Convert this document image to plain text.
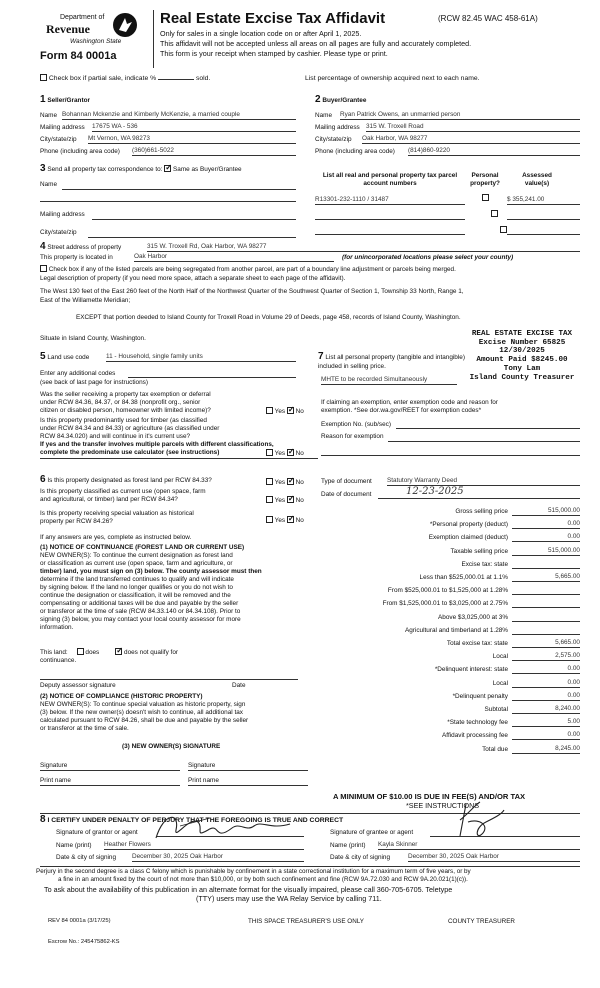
Department of
Revenue
Washington State
Form 84 0001a
Real Estate Excise Tax Affidavit	(RCW 82.45 WAC 458-61A)
Only for sales in a single location code on or after April 1, 2025.
This affidavit will not be accepted unless all areas on all pages are fully and accurately completed.
This form is your receipt when stamped by cashier. Please type or print.
Check box if partial sale, indicate %	sold.	List percentage of ownership acquired next to each name.
1 Seller/Grantor
Name Bohannan Mckenzie and Kimberly McKenzie, a married couple
Mailing address 17675 WA - 536
City/state/zip Mt Vernon, WA 98273
Phone (including area code) (360)661-5022
2 Buyer/Grantee
Name Ryan Patrick Owens, an unmarried person
Mailing address 315 W. Troxell Road
City/state/zip Oak Harbor, WA 98277
Phone (including area code) (814)860-9220
3 Send all property tax correspondence to: ✓ Same as Buyer/Grantee
Name
Mailing address
City/state/zip
List all real and personal property tax parcel account numbers
Personal property?
Assessed value(s)
R13301-232-1110 / 31487
	$ 355,241.00

4 Street address of property	315 W. Troxell Rd, Oak Harbor, WA 98277
This property is located in	Oak Harbor	(for unincorporated locations please select your county)
Check box if any of the listed parcels are being segregated from another parcel, are part of a boundary line adjustment or parcels being merged.
Legal description of property (if you need more space, attach a separate sheet to each page of the affidavit).
The West 130 feet of the East 260 feet of the North Half of the Northwest Quarter of the Southwest Quarter of Section 1, Township 33 North, Range 1,
East of the Willamette Meridian;
EXCEPT that portion deeded to Island County for Troxell Road in Volume 29 of Deeds, page 458, records of Island County, Washington.
Situate in Island County, Washington.
REAL ESTATE EXCISE TAX
Excise Number 65825
12/30/2025
Amount Paid $8245.00
Tony Lam
Island County Treasurer
5 Land use code	11 - Household, single family units
Enter any additional codes
(see back of last page for instructions)
Was the seller receiving a property tax exemption or deferral
under RCW 84.36, 84.37, or 84.38 (nonprofit org., senior
citizen or disabled person, homeowner with limited income)?	Yes ✓ No
Is this property predominantly used for timber (as classified
under RCW 84.34 and 84.33) or agriculture (as classified under
RCW 84.34.020) and will continue in it's current use?
If yes and the transfer involves multiple parcels with different classifications,
complete the predominate use calculator (see instructions)	Yes ✓ No
7 List all personal property (tangible and intangible) included in selling price.
MHTE to be recorded Simultaneously
If claiming an exemption, enter exemption code and reason for
exemption. *See dor.wa.gov/REET for exemption codes*
Exemption No. (sub/sec)
Reason for exemption
6 Is this property designated as forest land per RCW 84.33?	Yes ✓ No
Is this property classified as current use (open space, farm
and agricultural, or timber) land per RCW 84.34?	Yes ✓ No
Is this property receiving special valuation as historical
property per RCW 84.26?	Yes ✓ No
If any answers are yes, complete as instructed below.
(1) NOTICE OF CONTINUANCE (FOREST LAND OR CURRENT USE)
NEW OWNER(S): To continue the current designation as forest land
or classification as current use (open space, farm and agriculture, or
timber) land, you must sign on (3) below. The county assessor must then
determine if the land transferred continues to qualify and will indicate
by signing below. If the land no longer qualifies or you do not wish to
continue the designation or classification, it will be removed and the
compensating or additional taxes will be due and payable by the seller
or transferor at the time of sale (RCW 84.33.140 or 84.34.108). Prior to
signing (3) below, you may contact your local county assessor for more
information.
This land:	does ✓	does not qualify for
continuance.
Deputy assessor signature	Date
(2) NOTICE OF COMPLIANCE (HISTORIC PROPERTY)
NEW OWNER(S): To continue special valuation as historic property, sign
(3) below. If the new owner(s) doesn't wish to continue, all additional tax
calculated pursuant to RCW 84.26, shall be due and payable by the seller
or transferor at the time of sale.
(3) NEW OWNER(S) SIGNATURE
Signature	Signature
Print name	Print name
Type of document Statutory Warranty Deed
Date of document	12-23-2025
Gross selling price	515,000.00
*Personal property (deduct)	0.00
Exemption claimed (deduct)	0.00
Taxable selling price	515,000.00
Excise tax: state
Less than $525,000.01 at 1.1%	5,665.00
From $525,000.01 to $1,525,000 at 1.28%
From $1,525,000.01 to $3,025,000 at 2.75%
Above $3,025,000 at 3%
Agricultural and timberland at 1.28%
Total excise tax: state	5,665.00
Local	2,575.00
*Delinquent interest: state	0.00
Local	0.00
*Delinquent penalty	0.00
Subtotal	8,240.00
*State technology fee	5.00
Affidavit processing fee	0.00
Total due	8,245.00
A MINIMUM OF $10.00 IS DUE IN FEE(S) AND/OR TAX
*SEE INSTRUCTIONS
8 I CERTIFY UNDER PENALTY OF PERJURY THAT THE FOREGOING IS TRUE AND CORRECT
Signature of grantor or agent
Name (print) Heather Flowers
Date & city of signing December 30, 2025 Oak Harbor
Signature of grantee or agent
Name (print) Kayla Skinner
Date & city of signing	December 30, 2025 Oak Harbor
Perjury in the second degree is a class C felony which is punishable by confinement in a state correctional institution for a maximum term of five years, or by
a fine in an amount fixed by the court of not more than $10,000, or by both such confinement and fine (RCW 9A.72.030 and RCW 9A.20.021(1)(c)).
To ask about the availability of this publication in an alternate format for the visually impaired, please call 360-705-6705. Teletype
(TTY) users may use the WA Relay Service by calling 711.
REV 84 0001a (3/17/25)	THIS SPACE TREASURER'S USE ONLY	COUNTY TREASURER
Escrow No.: 245475862-KS
